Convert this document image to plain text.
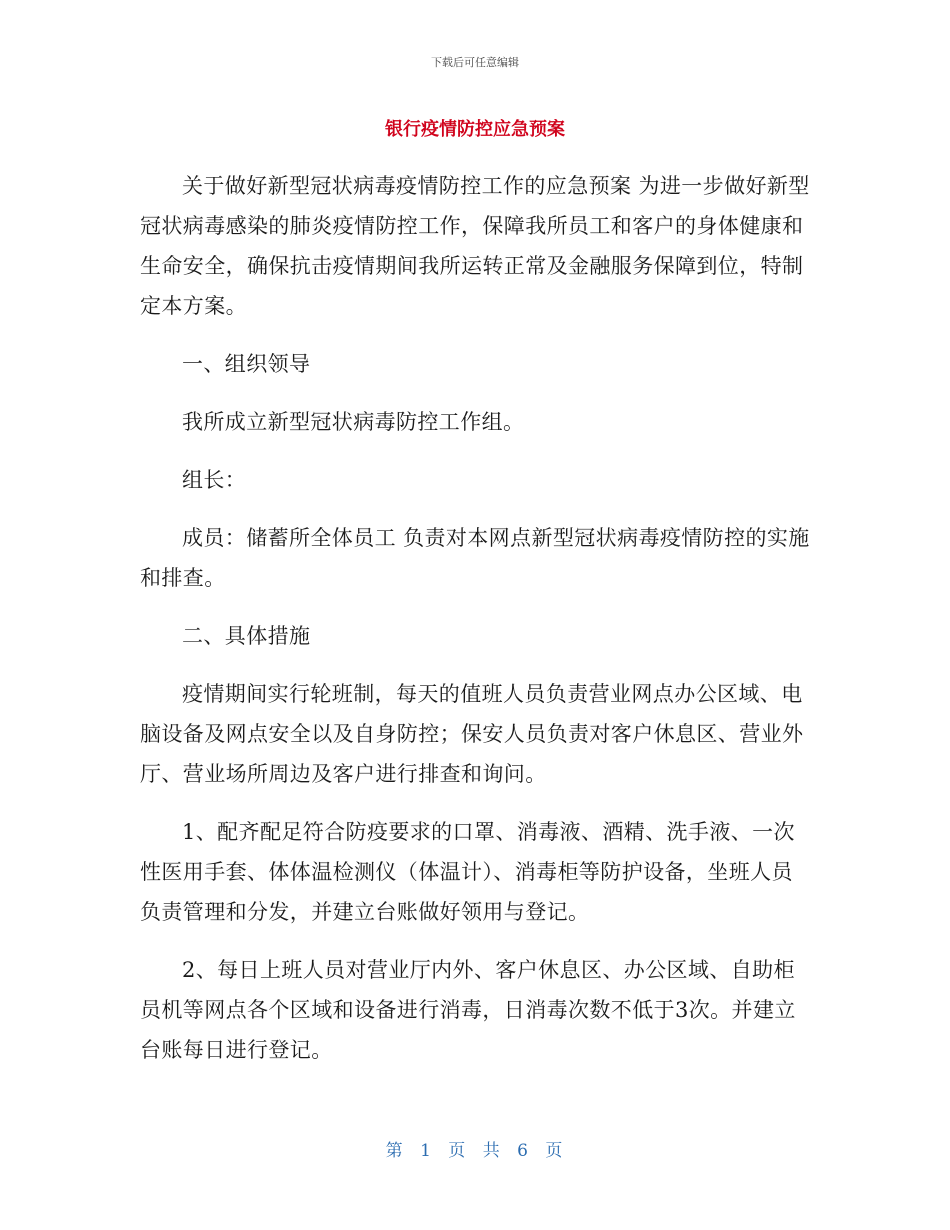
下载后可任意编辑
银行疫情防控应急预案

关于做好新型冠状病毒疫情防控工作的应急预案 为进一步做好新型冠状病毒感染的肺炎疫情防控工作，保障我所员工和客户的身体健康和生命安全，确保抗击疫情期间我所运转正常及金融服务保障到位，特制定本方案。

一、组织领导

我所成立新型冠状病毒防控工作组。

组长：

成员：储蓄所全体员工 负责对本网点新型冠状病毒疫情防控的实施和排查。

二、具体措施

疫情期间实行轮班制，每天的值班人员负责营业网点办公区域、电脑设备及网点安全以及自身防控；保安人员负责对客户休息区、营业外厅、营业场所周边及客户进行排查和询问。

1、配齐配足符合防疫要求的口罩、消毒液、酒精、洗手液、一次性医用手套、体体温检测仪（体温计）、消毒柜等防护设备，坐班人员负责管理和分发，并建立台账做好领用与登记。

2、每日上班人员对营业厅内外、客户休息区、办公区域、自助柜员机等网点各个区域和设备进行消毒，日消毒次数不低于3次。并建立台账每日进行登记。

第 1 页 共 6 页
